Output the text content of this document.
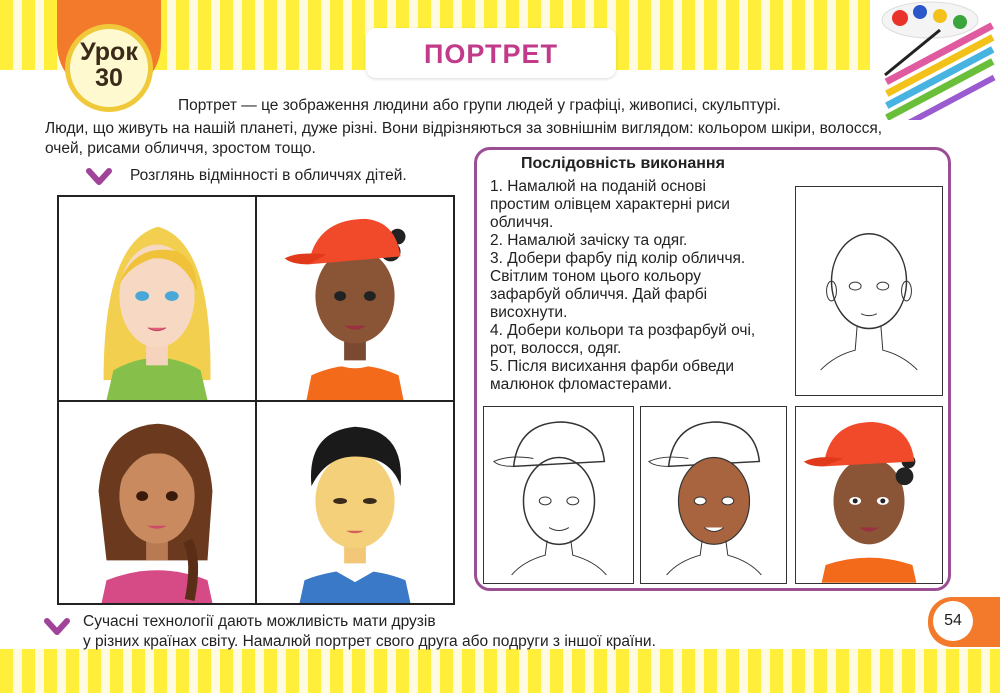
Урок
30
ПОРТРЕТ
Портрет — це зображення людини або групи людей у графіці, живописі, скульптурі.
Люди, що живуть на нашій планеті, дуже різні. Вони відрізняються за зовнішнім виглядом: кольором шкіри, волосся,
очей, рисами обличчя, зростом тощо.
Розглянь відмінності в обличчях дітей.
Послідовність виконання
1. Намалюй на поданій основі
простим олівцем характерні риси
обличчя.
2. Намалюй зачіску та одяг.
3. Добери фарбу під колір обличчя.
Світлим тоном цього кольору
зафарбуй обличчя. Дай фарбі
висохнути.
4. Добери кольори та розфарбуй очі,
рот, волосся, одяг.
5. Після висихання фарби обведи
малюнок фломастерами.
Сучасні технології дають можливість мати друзів
у різних країнах світу. Намалюй портрет свого друга або подруги з іншої країни.
54
